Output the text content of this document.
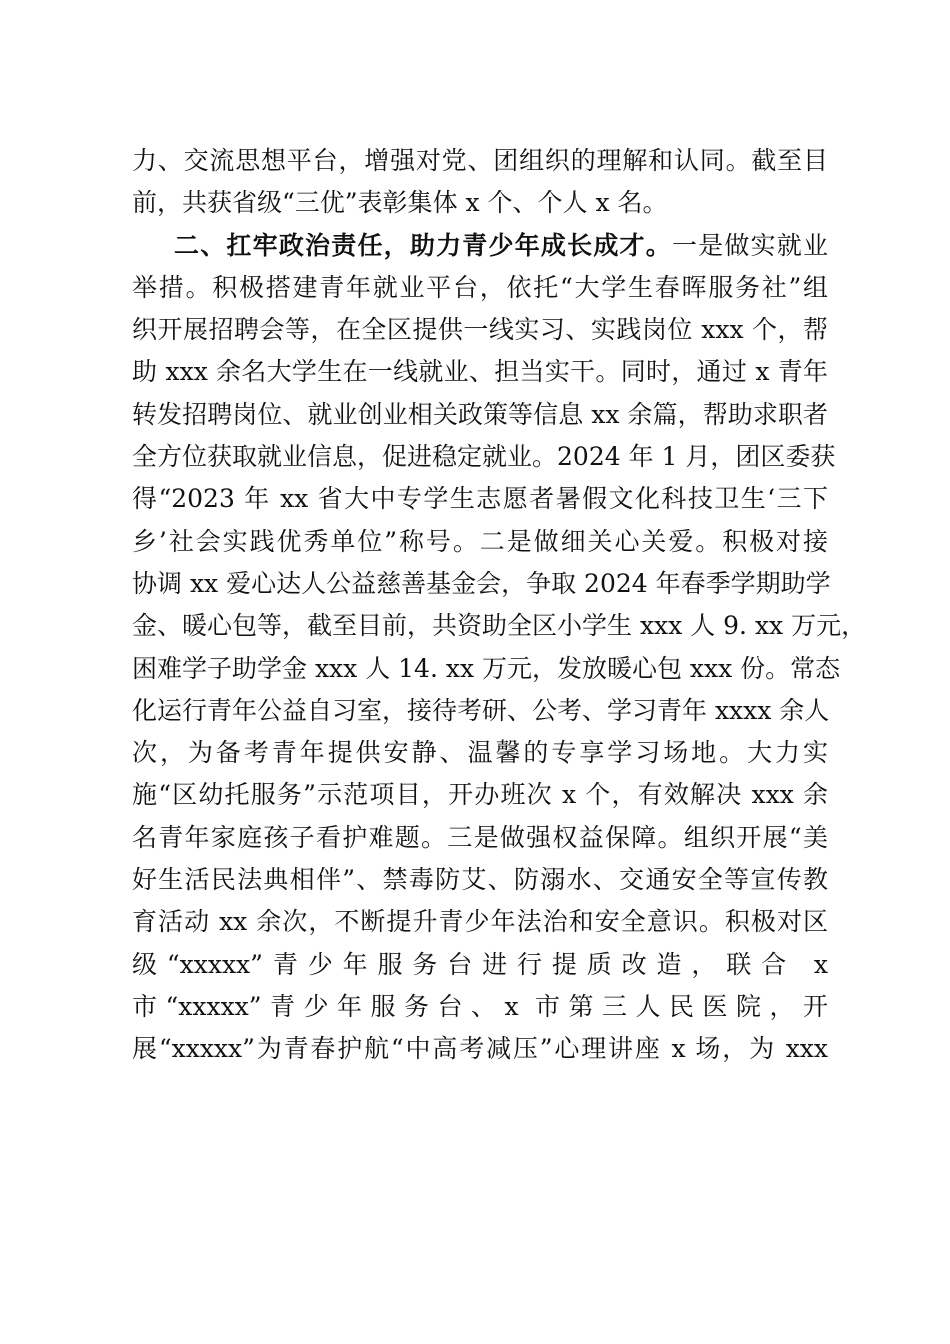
力、交流思想平台，增强对党、团组织的理解和认同。截至目
前，共获省级“三优”表彰集体 x 个、个人 x 名。
二、扛牢政治责任，助力青少年成长成才。一是做实就业
举措。积极搭建青年就业平台，依托“大学生春晖服务社”组
织开展招聘会等，在全区提供一线实习、实践岗位 xxx 个，帮
助 xxx 余名大学生在一线就业、担当实干。同时，通过 x 青年
转发招聘岗位、就业创业相关政策等信息 xx 余篇，帮助求职者
全方位获取就业信息，促进稳定就业。2024 年 1 月，团区委获
得“2023 年 xx 省大中专学生志愿者暑假文化科技卫生‘三下
乡’社会实践优秀单位”称号。二是做细关心关爱。积极对接
协调 xx 爱心达人公益慈善基金会，争取 2024 年春季学期助学
金、暖心包等，截至目前，共资助全区小学生 xxx 人 9. xx 万元，
困难学子助学金 xxx 人 14. xx 万元，发放暖心包 xxx 份。常态
化运行青年公益自习室，接待考研、公考、学习青年 xxxx 余人
次，为备考青年提供安静、温馨的专享学习场地。大力实
施“区幼托服务”示范项目，开办班次 x 个，有效解决 xxx 余
名青年家庭孩子看护难题。三是做强权益保障。组织开展“美
好生活民法典相伴”、禁毒防艾、防溺水、交通安全等宣传教
育活动 xx 余次，不断提升青少年法治和安全意识。积极对区
级“xxxxx”青少年服务台进行提质改造，联合 x
市“xxxxx”青少年服务台、x 市第三人民医院，开
展“xxxxx”为青春护航“中高考减压”心理讲座 x 场，为 xxx
